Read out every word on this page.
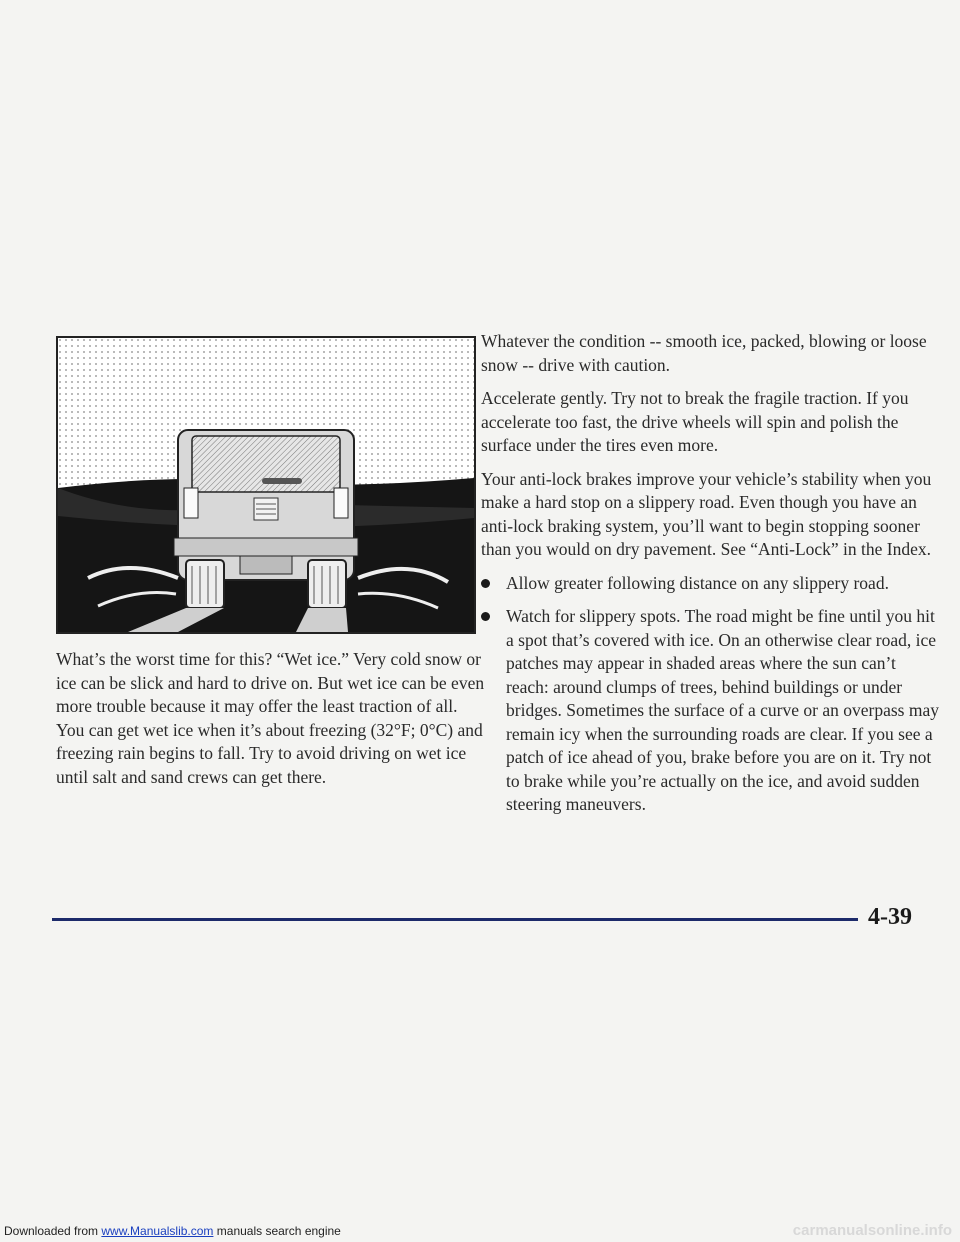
What’s the worst time for this? “Wet ice.” Very cold snow or ice can be slick and hard to drive on. But wet ice can be even more trouble because it may offer the least traction of all. You can get wet ice when it’s about freezing (32°F; 0°C) and freezing rain begins to fall. Try to avoid driving on wet ice until salt and sand crews can get there.

Whatever the condition -- smooth ice, packed, blowing or loose snow -- drive with caution.

Accelerate gently. Try not to break the fragile traction. If you accelerate too fast, the drive wheels will spin and polish the surface under the tires even more.

Your anti-lock brakes improve your vehicle’s stability when you make a hard stop on a slippery road. Even though you have an anti-lock braking system, you’ll want to begin stopping sooner than you would on dry pavement. See “Anti-Lock” in the Index.

Allow greater following distance on any slippery road.
Watch for slippery spots. The road might be fine until you hit a spot that’s covered with ice. On an otherwise clear road, ice patches may appear in shaded areas where the sun can’t reach: around clumps of trees, behind buildings or under bridges. Sometimes the surface of a curve or an overpass may remain icy when the surrounding roads are clear. If you see a patch of ice ahead of you, brake before you are on it. Try not to brake while you’re actually on the ice, and avoid sudden steering maneuvers.
4-39
Downloaded from www.Manualslib.com manuals search engine	carmanualsonline.info
